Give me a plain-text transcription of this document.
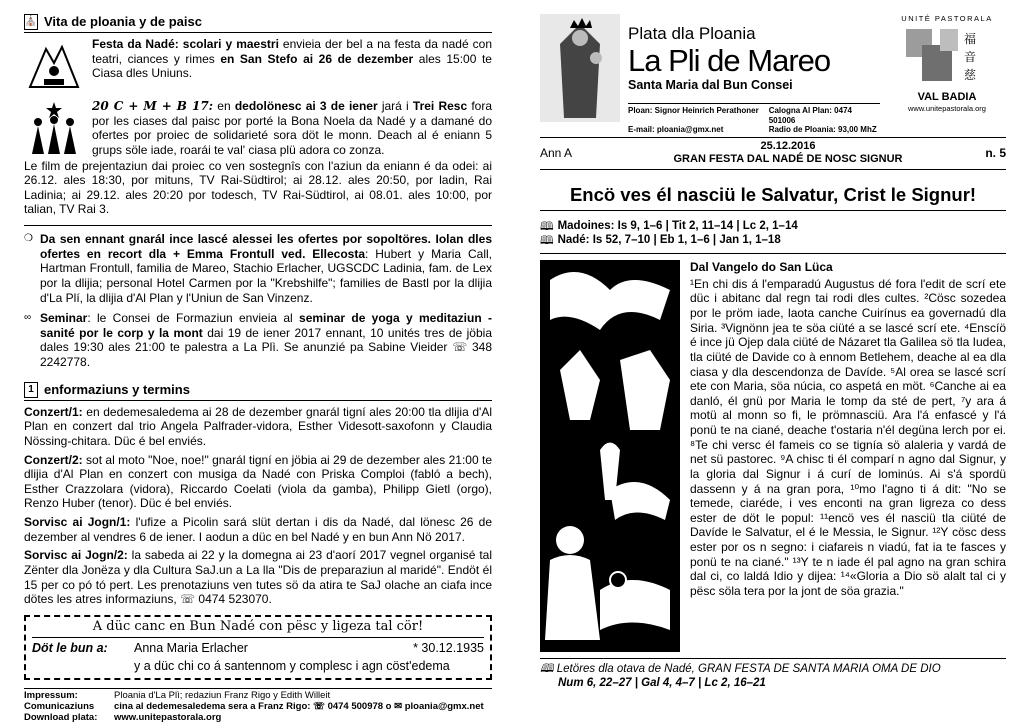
⛪ Vita de ploania y de paisc
Festa da Nadé: scolari y maestri envieia der bel a na festa da nadé con teatri, ciances y rimes en San Stefo ai 26 de dezember ales 15:00 te Ciasa dles Uniuns.
20 C + M + B 17: en dedolönesc ai 3 de iener jará i Trei Resc fora por les ciases dal paisc por porté la Bona Noela da Nadé y a damané do ofertes por proiec de solidarieté sora döt le monn. Deach al é eniann 5 grups söle iade, roarái te val' ciasa plü adora co zonza.

Le film de prejentaziun dai proiec co ven sostegnîs con l'aziun da eniann é da odei: ai 26.12. ales 18:30, por mituns, TV Rai-Südtirol; ai 28.12. ales 20:50, por ladin, Rai Ladinia; ai 29.12. ales 20:20 por todesch, TV Rai-Südtirol, ai 08.01. ales 10:00, por talian, TV Rai 3.

❍ Da sen ennant gnarál ince lascé alessei les ofertes por sopoltöres. Iolan dles ofertes en recort dla + Emma Frontull ved. Ellecosta: Hubert y Maria Call, Hartman Frontull, familia de Mareo, Stachio Erlacher, UGSCDC Ladinia, fam. de Lex por la dlijia; personal Hotel Carmen por la "Krebshilfe"; families de Bastl por la dlijia d'La Plí, la dlijia d'Al Plan y l'Uniun de San Vinzenz.
∞ Seminar: le Consei de Formaziun envieia al seminar de yoga y meditaziun - sanité por le corp y la mont dai 19 de iener 2017 ennant, 10 unités tres de jöbia dales 19:30 ales 21:00 te palestra a La Plì. Se anunzié pa Sabine Vieider ☏ 348 2242778.
1 enformaziuns y termins

Conzert/1: en dedemesaledema ai 28 de dezember gnarál tigní ales 20:00 tla dlijia d'Al Plan en conzert dal trio Angela Palfrader-vidora, Esther Videsott-saxofonn y Claudia Nössing-chitara. Düc é bel enviés.

Conzert/2: sot al moto "Noe, noe!" gnarál tigní en jöbia ai 29 de dezember ales 21:00 te dlijia d'Al Plan en conzert con musiga da Nadé con Priska Comploi (fabló a bech), Esther Crazzolara (vidora), Riccardo Coelati (viola da gamba), Philipp Gietl (orgo), Renzo Huber (tenor). Düc é bel enviés.

Sorvisc ai Jogn/1: l'ufize a Picolin sará slüt dertan i dis da Nadé, dal lönesc 26 de dezember al vendres 6 de iener. I aodun a düc en bel Nadé y en bun Ann Nö 2017.

Sorvisc ai Jogn/2: la sabeda ai 22 y la domegna ai 23 d'aorí 2017 vegnel organisé tal Zënter dla Jonëza y dla Cultura SaJ.un a La lla "Dis de preparaziun al maridé". Endöt él 15 per co pó tó pert. Les prenotaziuns ven tutes sö da atira te SaJ olache an ciafa ince dötes les atres informaziuns, ☏ 0474 523070.

A düc canc en Bun Nadé con pësc y ligeza tal cör!
Döt le bun a:	Anna Maria Erlacher	* 30.12.1935
y a düc chi co á santennom y complesc i agn cöst'edema
Impressum:	Ploania d'La Plì; redaziun Franz Rigo y Edith Willeit
Comunicaziuns	cina al dedemesaledema sera a Franz Rigo: ☏ 0474 500978 o ✉ ploania@gmx.net
Download plata:	www.unitepastorala.org
Plata dla Ploania
La Pli de Mareo
Santa Maria dal Bun Consei
Ploan: Signor Heinrich Perathoner Calogna Al Plan: 0474 501006
E-mail: ploania@gmx.net	Radio de Ploania: 93,00 MhZ
UNITÉ PASTORALA
福
音
慈
VAL BADIA
www.unitepastorala.org
Ann A	25.12.2016
GRAN FESTA DAL NADÉ DE NOSC SIGNUR	n. 5
Encö ves él nasciü le Salvatur, Crist le Signur!
🕮 Madoines: Is 9, 1–6 | Tit 2, 11–14 | Lc 2, 1–14
🕮 Nadé: Is 52, 7–10 | Eb 1, 1–6 | Jan 1, 1–18
Dal Vangelo do San Lüca
¹En chi dis á l'emparadú Augustus dé fora l'edit de scrí ete düc i abitanc dal regn tai rodi dles cultes. ²Cösc sozedea por le pröm iade, laota canche Cuirínus ea governadú dla Siria. ³Vignönn jea te söa ciüté a se lascé scrí ete. ⁴Enscíö é ince jü Ojep dala ciüté de Názaret tla Galilea sö tla Iudea, tla ciüté de Davide co à ennom Betlehem, deache al ea dla ciasa y dla descendonza de Davíde. ⁵Al orea se lascé scrí ete con Maria, söa núcia, co aspetá en möt. ⁶Canche ai ea danló, él gnü por Maria le tomp da sté de pert, ⁷y ara á motü al monn so fi, le prömnasciü. Ara l'á enfascé y l'á ponü te na ciané, deache t'ostaria n'él degüna lerch por ei. ⁸Te chi versc él fameis co se tignía sö alaleria y vardá de net sü pastorec. ⁹A chisc ti él comparí n agno dal Signur, y la gloria dal Signur i á curí de lominús. Ai s'á spordü dassenn y á na gran pora, ¹⁰mo l'agno ti á dit: "No se temede, ciaréde, i ves enconti na gran ligreza co dess ester de döt le popul: ¹¹encö ves él nasciü tla ciüté de Davíde le Salvatur, el é le Messia, le Signur. ¹²Y cösc dess ester por os n segno: i ciafareis n viadú, fat ia te fasces y ponü te na ciané." ¹³Y te n iade él pal agno na gran schira dal ci, co laldá Idio y dijea: ¹⁴«Gloria a Dio sö alalt tal ci y pësc söla tera por la jont de söa grazia."
🕮 Letöres dla otava de Nadé, GRAN FESTA DE SANTA MARIA OMA DE DIO
Num 6, 22–27 | Gal 4, 4–7 | Lc 2, 16–21
